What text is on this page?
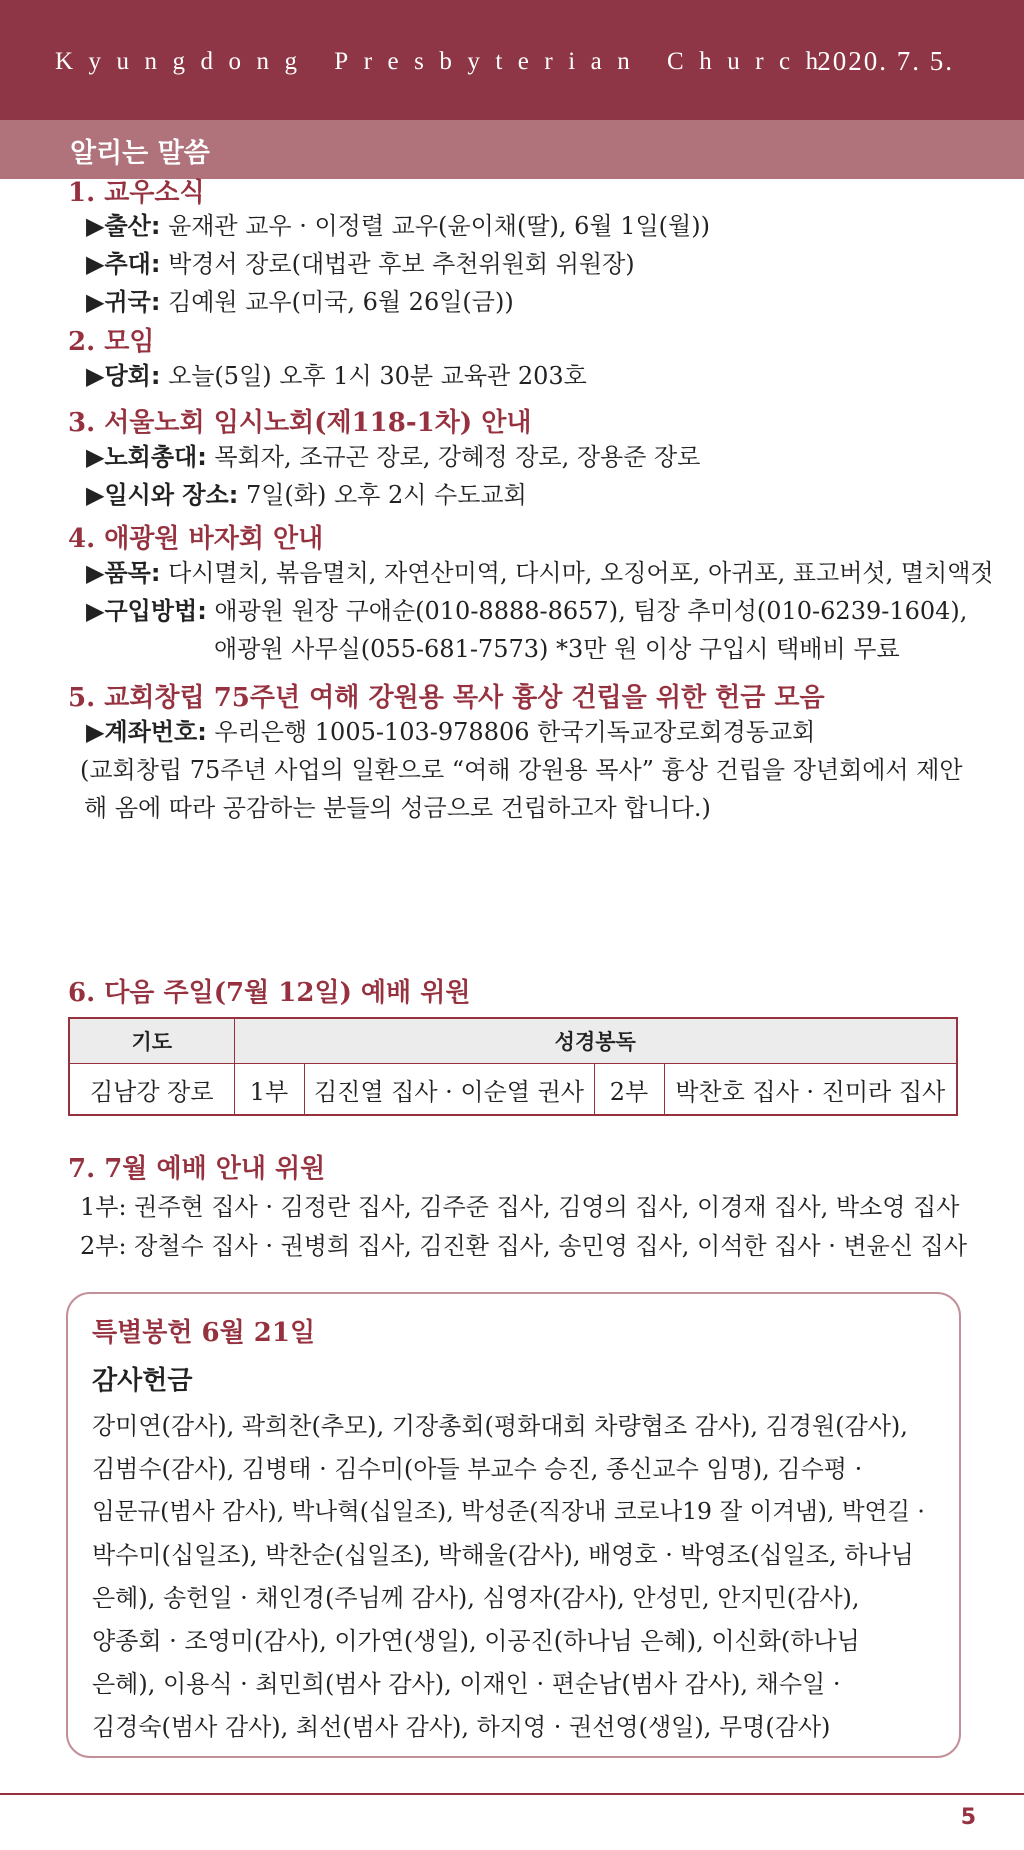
Kyungdong Presbyterian Church
2020. 7. 5.
알리는 말씀
1. 교우소식
▶출산: 윤재관 교우 · 이정렬 교우(윤이채(딸), 6월 1일(월))
▶추대: 박경서 장로(대법관 후보 추천위원회 위원장)
▶귀국: 김예원 교우(미국, 6월 26일(금))
2. 모임
▶당회: 오늘(5일) 오후 1시 30분 교육관 203호
3. 서울노회 임시노회(제118-1차) 안내
▶노회총대: 목회자, 조규곤 장로, 강혜정 장로, 장용준 장로
▶일시와 장소: 7일(화) 오후 2시 수도교회
4. 애광원 바자회 안내
▶품목: 다시멸치, 볶음멸치, 자연산미역, 다시마, 오징어포, 아귀포, 표고버섯, 멸치액젓
▶구입방법: 애광원 원장 구애순(010-8888-8657), 팀장 추미성(010-6239-1604),
애광원 사무실(055-681-7573) *3만 원 이상 구입시 택배비 무료
5. 교회창립 75주년 여해 강원용 목사 흉상 건립을 위한 헌금 모음
▶계좌번호: 우리은행 1005-103-978806 한국기독교장로회경동교회
(교회창립 75주년 사업의 일환으로 “여해 강원용 목사” 흉상 건립을 장년회에서 제안
해 옴에 따라 공감하는 분들의 성금으로 건립하고자 합니다.)
6. 다음 주일(7월 12일) 예배 위원
기도	성경봉독			
김남강 장로	1부	김진열 집사 · 이순열 권사	2부	박찬호 집사 · 진미라 집사
7. 7월 예배 안내 위원
1부: 권주현 집사 · 김정란 집사, 김주준 집사, 김영의 집사, 이경재 집사, 박소영 집사
2부: 장철수 집사 · 권병희 집사, 김진환 집사, 송민영 집사, 이석한 집사 · 변윤신 집사
특별봉헌 6월 21일
감사헌금
강미연(감사), 곽희찬(추모), 기장총회(평화대회 차량협조 감사), 김경원(감사),
김범수(감사), 김병태 · 김수미(아들 부교수 승진, 종신교수 임명), 김수평 ·
임문규(범사 감사), 박나혁(십일조), 박성준(직장내 코로나19 잘 이겨냄), 박연길 ·
박수미(십일조), 박찬순(십일조), 박해울(감사), 배영호 · 박영조(십일조, 하나님
은혜), 송헌일 · 채인경(주님께 감사), 심영자(감사), 안성민, 안지민(감사),
양종회 · 조영미(감사), 이가연(생일), 이공진(하나님 은혜), 이신화(하나님
은혜), 이용식 · 최민희(범사 감사), 이재인 · 편순남(범사 감사), 채수일 ·
김경숙(범사 감사), 최선(범사 감사), 하지영 · 권선영(생일), 무명(감사)
5
